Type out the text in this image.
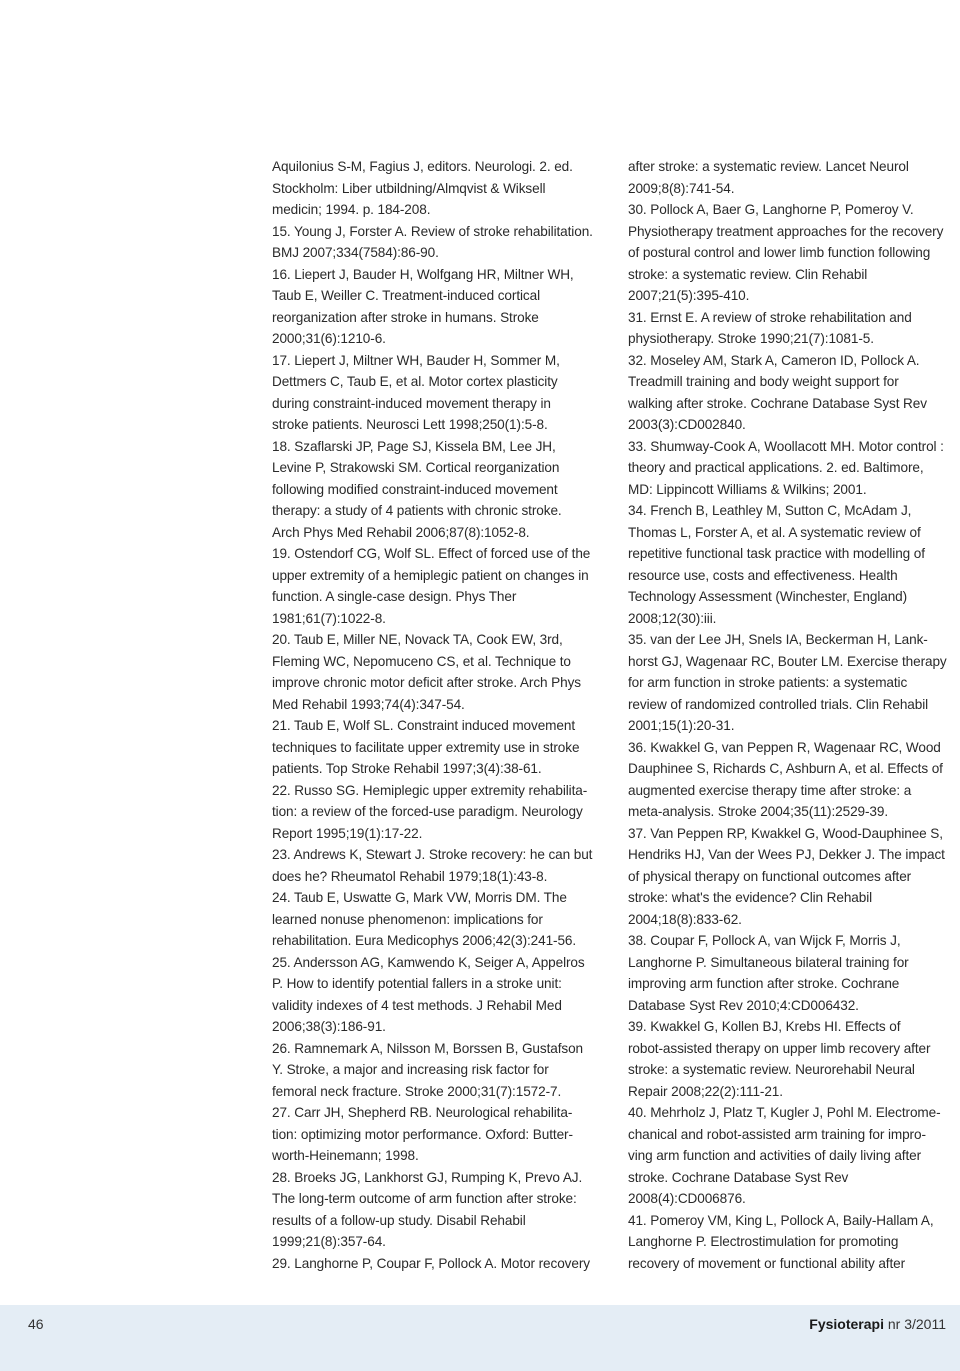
Aquilonius S-M, Fagius J, editors. Neurologi. 2. ed.
Stockholm: Liber utbildning/Almqvist & Wiksell
medicin; 1994. p. 184-208.
15. Young J, Forster A. Review of stroke rehabilitation.
BMJ 2007;334(7584):86-90.
16. Liepert J, Bauder H, Wolfgang HR, Miltner WH,
Taub E, Weiller C. Treatment-induced cortical
reorganization after stroke in humans. Stroke
2000;31(6):1210-6.
17. Liepert J, Miltner WH, Bauder H, Sommer M,
Dettmers C, Taub E, et al. Motor cortex plasticity
during constraint-induced movement therapy in
stroke patients. Neurosci Lett 1998;250(1):5-8.
18. Szaflarski JP, Page SJ, Kissela BM, Lee JH,
Levine P, Strakowski SM. Cortical reorganization
following modified constraint-induced movement
therapy: a study of 4 patients with chronic stroke.
Arch Phys Med Rehabil 2006;87(8):1052-8.
19. Ostendorf CG, Wolf SL. Effect of forced use of the
upper extremity of a hemiplegic patient on changes in
function. A single-case design. Phys Ther
1981;61(7):1022-8.
20. Taub E, Miller NE, Novack TA, Cook EW, 3rd,
Fleming WC, Nepomuceno CS, et al. Technique to
improve chronic motor deficit after stroke. Arch Phys
Med Rehabil 1993;74(4):347-54.
21. Taub E, Wolf SL. Constraint induced movement
techniques to facilitate upper extremity use in stroke
patients. Top Stroke Rehabil 1997;3(4):38-61.
22. Russo SG. Hemiplegic upper extremity rehabilita-
tion: a review of the forced-use paradigm. Neurology
Report 1995;19(1):17-22.
23. Andrews K, Stewart J. Stroke recovery: he can but
does he? Rheumatol Rehabil 1979;18(1):43-8.
24. Taub E, Uswatte G, Mark VW, Morris DM. The
learned nonuse phenomenon: implications for
rehabilitation. Eura Medicophys 2006;42(3):241-56.
25. Andersson AG, Kamwendo K, Seiger A, Appelros
P. How to identify potential fallers in a stroke unit:
validity indexes of 4 test methods. J Rehabil Med
2006;38(3):186-91.
26. Ramnemark A, Nilsson M, Borssen B, Gustafson
Y. Stroke, a major and increasing risk factor for
femoral neck fracture. Stroke 2000;31(7):1572-7.
27. Carr JH, Shepherd RB. Neurological rehabilita-
tion: optimizing motor performance. Oxford: Butter-
worth-Heinemann; 1998.
28. Broeks JG, Lankhorst GJ, Rumping K, Prevo AJ.
The long-term outcome of arm function after stroke:
results of a follow-up study. Disabil Rehabil
1999;21(8):357-64.
29. Langhorne P, Coupar F, Pollock A. Motor recovery
after stroke: a systematic review. Lancet Neurol
2009;8(8):741-54.
30. Pollock A, Baer G, Langhorne P, Pomeroy V.
Physiotherapy treatment approaches for the recovery
of postural control and lower limb function following
stroke: a systematic review. Clin Rehabil
2007;21(5):395-410.
31. Ernst E. A review of stroke rehabilitation and
physiotherapy. Stroke 1990;21(7):1081-5.
32. Moseley AM, Stark A, Cameron ID, Pollock A.
Treadmill training and body weight support for
walking after stroke. Cochrane Database Syst Rev
2003(3):CD002840.
33. Shumway-Cook A, Woollacott MH. Motor control :
theory and practical applications. 2. ed. Baltimore,
MD: Lippincott Williams & Wilkins; 2001.
34. French B, Leathley M, Sutton C, McAdam J,
Thomas L, Forster A, et al. A systematic review of
repetitive functional task practice with modelling of
resource use, costs and effectiveness. Health
Technology Assessment (Winchester, England)
2008;12(30):iii.
35. van der Lee JH, Snels IA, Beckerman H, Lank-
horst GJ, Wagenaar RC, Bouter LM. Exercise therapy
for arm function in stroke patients: a systematic
review of randomized controlled trials. Clin Rehabil
2001;15(1):20-31.
36. Kwakkel G, van Peppen R, Wagenaar RC, Wood
Dauphinee S, Richards C, Ashburn A, et al. Effects of
augmented exercise therapy time after stroke: a
meta-analysis. Stroke 2004;35(11):2529-39.
37. Van Peppen RP, Kwakkel G, Wood-Dauphinee S,
Hendriks HJ, Van der Wees PJ, Dekker J. The impact
of physical therapy on functional outcomes after
stroke: what's the evidence? Clin Rehabil
2004;18(8):833-62.
38. Coupar F, Pollock A, van Wijck F, Morris J,
Langhorne P. Simultaneous bilateral training for
improving arm function after stroke. Cochrane
Database Syst Rev 2010;4:CD006432.
39. Kwakkel G, Kollen BJ, Krebs HI. Effects of
robot-assisted therapy on upper limb recovery after
stroke: a systematic review. Neurorehabil Neural
Repair 2008;22(2):111-21.
40. Mehrholz J, Platz T, Kugler J, Pohl M. Electrome-
chanical and robot-assisted arm training for impro-
ving arm function and activities of daily living after
stroke. Cochrane Database Syst Rev
2008(4):CD006876.
41. Pomeroy VM, King L, Pollock A, Baily-Hallam A,
Langhorne P. Electrostimulation for promoting
recovery of movement or functional ability after
46	Fysioterapi nr 3/2011
